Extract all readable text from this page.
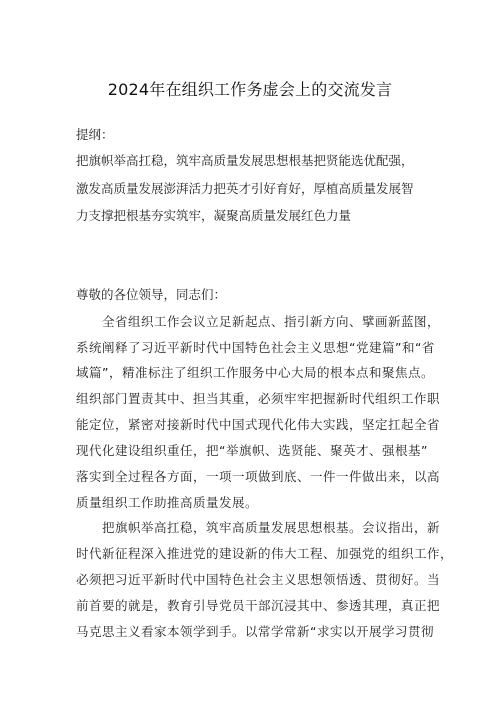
2024年在组织工作务虚会上的交流发言
提纲：
把旗帜举高扛稳，筑牢高质量发展思想根基把贤能选优配强，
激发高质量发展澎湃活力把英才引好育好，厚植高质量发展智
力支撑把根基夯实筑牢，凝聚高质量发展红色力量
尊敬的各位领导，同志们：
全省组织工作会议立足新起点、指引新方向、擘画新蓝图，
系统阐释了习近平新时代中国特色社会主义思想“党建篇”和“省
域篇”，精准标注了组织工作服务中心大局的根本点和聚焦点。
组织部门置责其中、担当其重，必须牢牢把握新时代组织工作职
能定位，紧密对接新时代中国式现代化伟大实践，坚定扛起全省
现代化建设组织重任，把“举旗帜、选贤能、聚英才、强根基”
落实到全过程各方面，一项一项做到底、一件一件做出来，以高
质量组织工作助推高质量发展。
把旗帜举高扛稳，筑牢高质量发展思想根基。会议指出，新
时代新征程深入推进党的建设新的伟大工程、加强党的组织工作，
必须把习近平新时代中国特色社会主义思想领悟透、贯彻好。当
前首要的就是，教育引导党员干部沉浸其中、参透其理，真正把
马克思主义看家本领学到手。以常学常新“求实以开展学习贯彻
